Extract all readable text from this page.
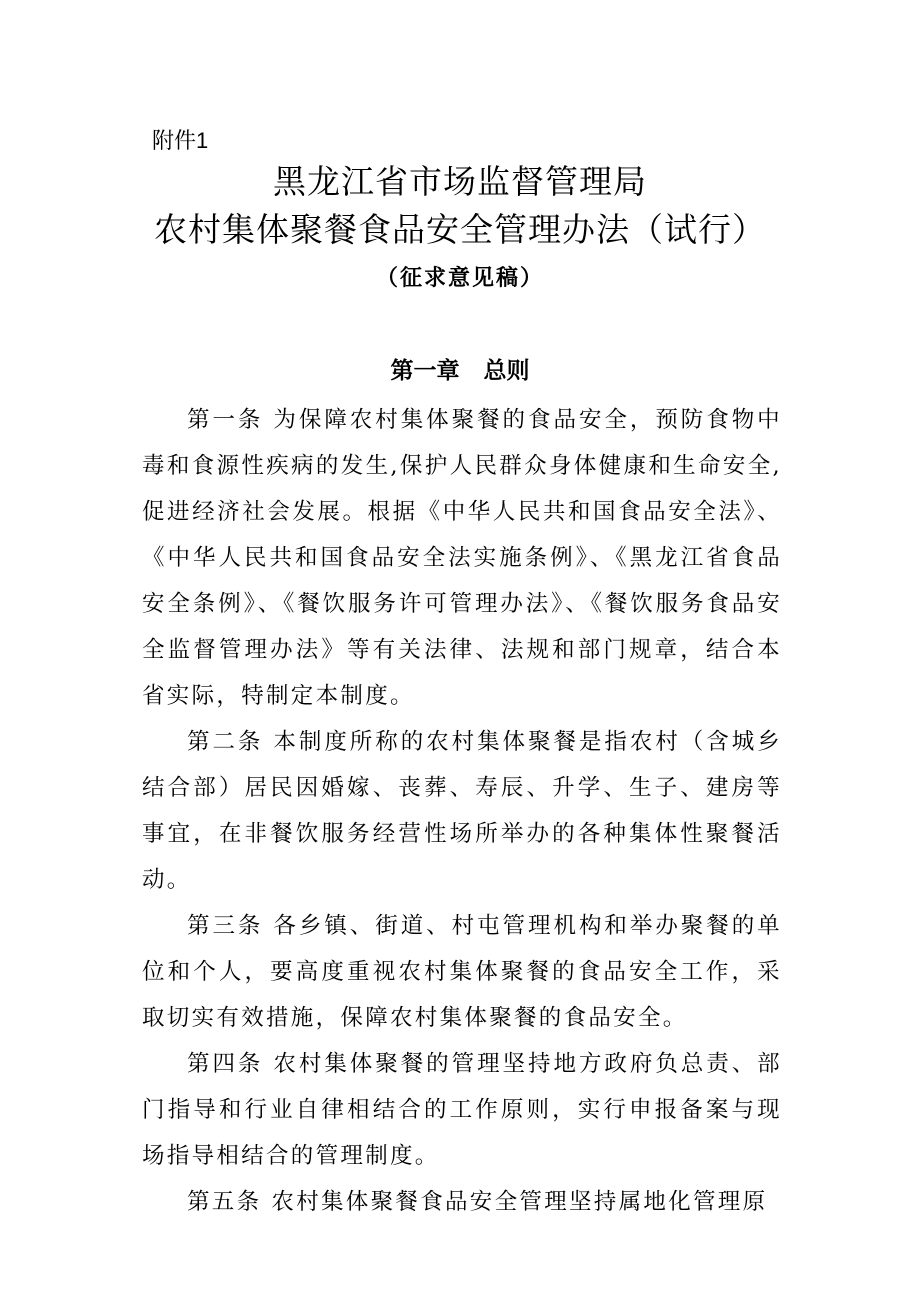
附件1
黑龙江省市场监督管理局
农村集体聚餐食品安全管理办法（试行）
（征求意见稿）
第一章 总则

第一条 为保障农村集体聚餐的食品安全，预防食物中毒和食源性疾病的发生,保护人民群众身体健康和生命安全,促进经济社会发展。根据《中华人民共和国食品安全法》、《中华人民共和国食品安全法实施条例》、《黑龙江省食品安全条例》、《餐饮服务许可管理办法》、《餐饮服务食品安全监督管理办法》等有关法律、法规和部门规章，结合本省实际，特制定本制度。

第二条 本制度所称的农村集体聚餐是指农村（含城乡结合部）居民因婚嫁、丧葬、寿辰、升学、生子、建房等事宜，在非餐饮服务经营性场所举办的各种集体性聚餐活动。

第三条 各乡镇、街道、村屯管理机构和举办聚餐的单位和个人，要高度重视农村集体聚餐的食品安全工作，采取切实有效措施，保障农村集体聚餐的食品安全。

第四条 农村集体聚餐的管理坚持地方政府负总责、部门指导和行业自律相结合的工作原则，实行申报备案与现场指导相结合的管理制度。

第五条 农村集体聚餐食品安全管理坚持属地化管理原
